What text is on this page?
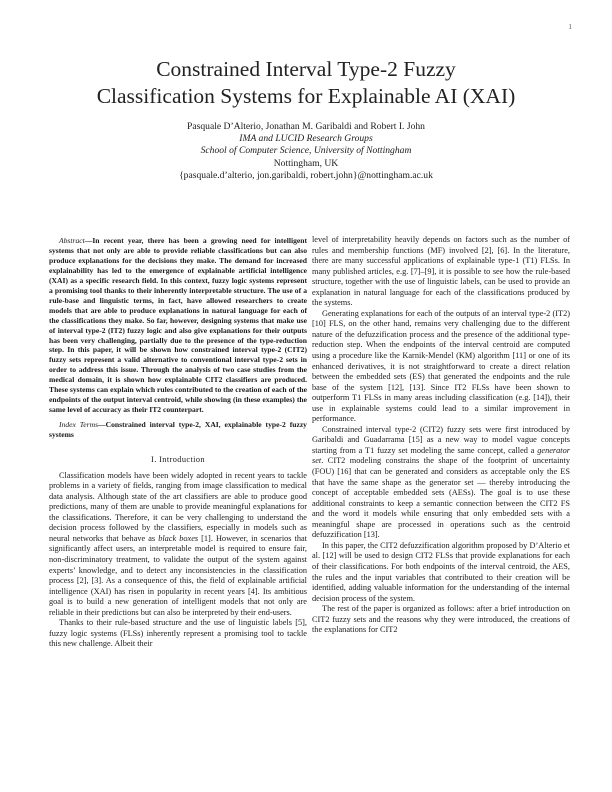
1
Constrained Interval Type-2 Fuzzy
Classification Systems for Explainable AI (XAI)
Pasquale D’Alterio, Jonathan M. Garibaldi and Robert I. John
IMA and LUCID Research Groups
School of Computer Science, University of Nottingham
Nottingham, UK
{pasquale.d’alterio, jon.garibaldi, robert.john}@nottingham.ac.uk

Abstract—In recent year, there has been a growing need for intelligent systems that not only are able to provide reliable classifications but can also produce explanations for the decisions they make. The demand for increased explainability has led to the emergence of explainable artificial intelligence (XAI) as a specific research field. In this context, fuzzy logic systems represent a promising tool thanks to their inherently interpretable structure. The use of a rule-base and linguistic terms, in fact, have allowed researchers to create models that are able to produce explanations in natural language for each of the classifications they make. So far, however, designing systems that make use of interval type-2 (IT2) fuzzy logic and also give explanations for their outputs has been very challenging, partially due to the presence of the type-reduction step. In this paper, it will be shown how constrained interval type-2 (CIT2) fuzzy sets represent a valid alternative to conventional interval type-2 sets in order to address this issue. Through the analysis of two case studies from the medical domain, it is shown how explainable CIT2 classifiers are produced. These systems can explain which rules contributed to the creation of each of the endpoints of the output interval centroid, while showing (in these examples) the same level of accuracy as their IT2 counterpart.

Index Terms—Constrained interval type-2, XAI, explainable type-2 fuzzy systems

I. Introduction

Classification models have been widely adopted in recent years to tackle problems in a variety of fields, ranging from image classification to medical data analysis. Although state of the art classifiers are able to produce good predictions, many of them are unable to provide meaningful explanations for the classifications. Therefore, it can be very challenging to understand the decision process followed by the classifiers, especially in models such as neural networks that behave as black boxes [1]. However, in scenarios that significantly affect users, an interpretable model is required to ensure fair, non-discriminatory treatment, to validate the output of the system against experts’ knowledge, and to detect any inconsistencies in the classification process [2], [3]. As a consequence of this, the field of explainable artificial intelligence (XAI) has risen in popularity in recent years [4]. Its ambitious goal is to build a new generation of intelligent models that not only are reliable in their predictions but can also be interpreted by their end-users.

Thanks to their rule-based structure and the use of linguistic labels [5], fuzzy logic systems (FLSs) inherently represent a promising tool to tackle this new challenge. Albeit their

level of interpretability heavily depends on factors such as the number of rules and membership functions (MF) involved [2], [6]. In the literature, there are many successful applications of explainable type-1 (T1) FLSs. In many published articles, e.g. [7]–[9], it is possible to see how the rule-based structure, together with the use of linguistic labels, can be used to provide an explanation in natural language for each of the classifications produced by the systems.

Generating explanations for each of the outputs of an interval type-2 (IT2) [10] FLS, on the other hand, remains very challenging due to the different nature of the defuzzification process and the presence of the additional type-reduction step. When the endpoints of the interval centroid are computed using a procedure like the Karnik-Mendel (KM) algorithm [11] or one of its enhanced derivatives, it is not straightforward to create a direct relation between the embedded sets (ES) that generated the endpoints and the rule base of the system [12], [13]. Since IT2 FLSs have been shown to outperform T1 FLSs in many areas including classification (e.g. [14]), their use in explainable systems could lead to a similar improvement in performance.

Constrained interval type-2 (CIT2) fuzzy sets were first introduced by Garibaldi and Guadarrama [15] as a new way to model vague concepts starting from a T1 fuzzy set modeling the same concept, called a generator set. CIT2 modeling constrains the shape of the footprint of uncertainty (FOU) [16] that can be generated and considers as acceptable only the ES that have the same shape as the generator set — thereby introducing the concept of acceptable embedded sets (AESs). The goal is to use these additional constraints to keep a semantic connection between the CIT2 FS and the word it models while ensuring that only embedded sets with a meaningful shape are processed in operations such as the centroid defuzzification [13].

In this paper, the CIT2 defuzzification algorithm proposed by D’Alterio et al. [12] will be used to design CIT2 FLSs that provide explanations for each of their classifications. For both endpoints of the interval centroid, the AES, the rules and the input variables that contributed to their creation will be identified, adding valuable information for the understanding of the internal decision process of the system.

The rest of the paper is organized as follows: after a brief introduction on CIT2 fuzzy sets and the reasons why they were introduced, the creations of the explanations for CIT2
